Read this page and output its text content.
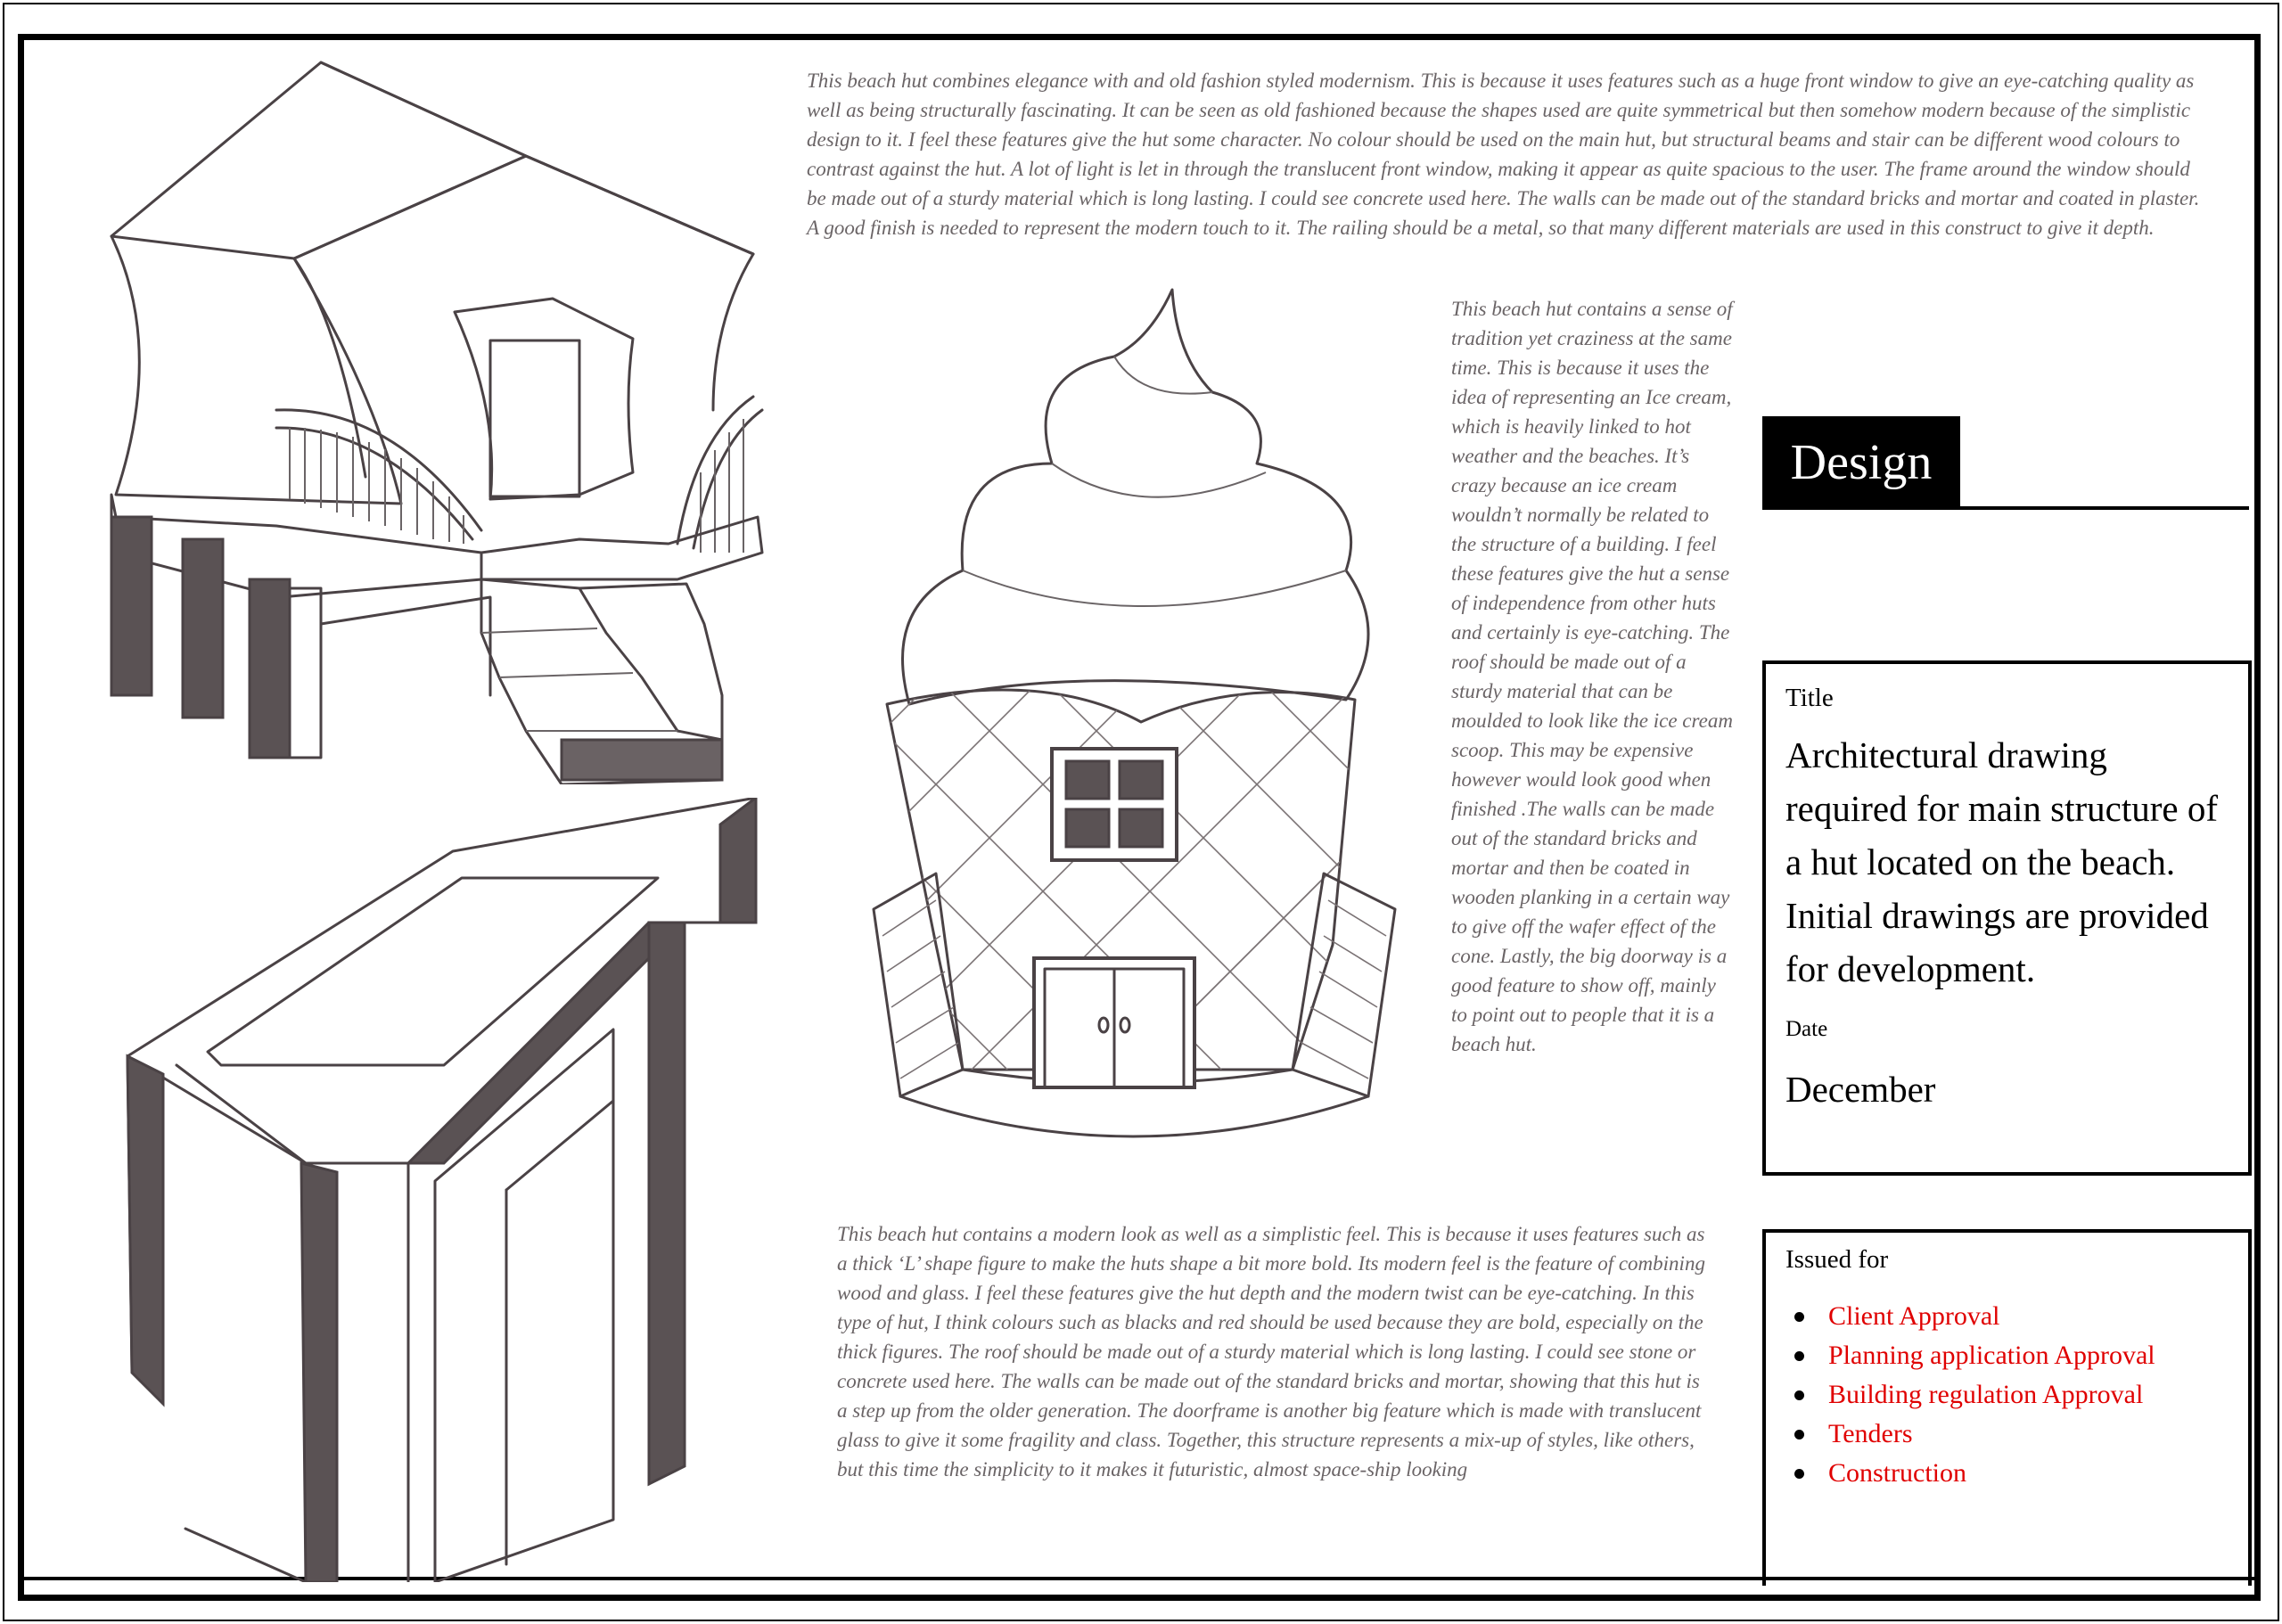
This beach hut combines elegance with and old fashion styled modernism. This is because it uses features such as a huge front window to give an eye-catching quality as well as being structurally fascinating. It can be seen as old fashioned because the shapes used are quite symmetrical but then somehow modern because of the simplistic design to it. I feel these features give the hut some character. No colour should be used on the main hut, but structural beams and stair can be different wood colours to contrast against the hut. A lot of light is let in through the translucent front window, making it appear as quite spacious to the user. The frame around the window should be made out of a sturdy material which is long lasting. I could see concrete used here. The walls can be made out of the standard bricks and mortar and coated in plaster. A good finish is needed to represent the modern touch to it. The railing should be a metal, so that many different materials are used in this construct to give it depth.

This beach hut contains a sense of tradition yet craziness at the same time. This is because it uses the idea of representing an Ice cream, which is heavily linked to hot weather and the beaches. It’s crazy because an ice cream wouldn’t normally be related to the structure of a building. I feel these features give the hut a sense of independence from other huts and certainly is eye-catching. The roof should be made out of a sturdy material that can be moulded to look like the ice cream scoop. This may be expensive however would look good when finished .The walls can be made out of the standard bricks and mortar and then be coated in wooden planking in a certain way to give off the wafer effect of the cone. Lastly, the big doorway is a good feature to show off, mainly to point out to people that it is a beach hut.

This beach hut contains a modern look as well as a simplistic feel. This is because it uses features such as a thick ‘L’ shape figure to make the huts shape a bit more bold. Its modern feel is the feature of combining wood and glass. I feel these features give the hut depth and the modern twist can be eye-catching. In this type of hut, I think colours such as blacks and red should be used because they are bold, especially on the thick figures. The roof should be made out of a sturdy material which is long lasting. I could see stone or concrete used here. The walls can be made out of the standard bricks and mortar, showing that this hut is a step up from the older generation. The doorframe is another big feature which is made with translucent glass to give it some fragility and class. Together, this structure represents a mix-up of styles, like others, but this time the simplicity to it makes it futuristic, almost space-ship looking

Design
Title
Architectural drawing required for main structure of a hut located on the beach. Initial drawings are provided for development.
Date
December
Issued for
Client Approval
Planning application Approval
Building regulation Approval
Tenders
Construction
